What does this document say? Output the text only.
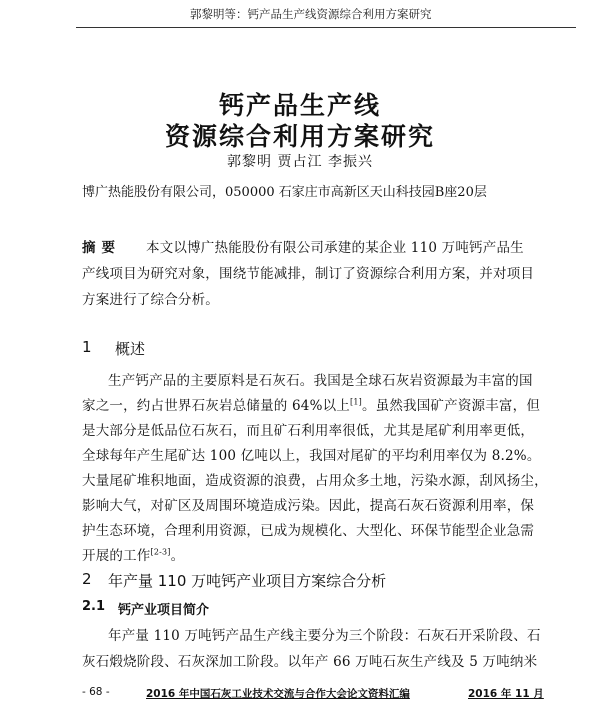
郭黎明等：钙产品生产线资源综合利用方案研究
钙产品生产线
资源综合利用方案研究
郭黎明 贾占江 李振兴
博广热能股份有限公司，050000 石家庄市高新区天山科技园B座20层
摘要 本文以博广热能股份有限公司承建的某企业 110 万吨钙产品生
产线项目为研究对象，围绕节能减排，制订了资源综合利用方案，并对项目
方案进行了综合分析。
1 概述
生产钙产品的主要原料是石灰石。我国是全球石灰岩资源最为丰富的国
家之一，约占世界石灰岩总储量的 64%以上[1]。虽然我国矿产资源丰富，但
是大部分是低品位石灰石，而且矿石利用率很低，尤其是尾矿利用率更低，
全球每年产生尾矿达 100 亿吨以上，我国对尾矿的平均利用率仅为 8.2%。
大量尾矿堆积地面，造成资源的浪费，占用众多土地，污染水源，刮风扬尘，
影响大气，对矿区及周围环境造成污染。因此，提高石灰石资源利用率，保
护生态环境，合理利用资源，已成为规模化、大型化、环保节能型企业急需
开展的工作[2-3]。
2 年产量 110 万吨钙产业项目方案综合分析
2.1 钙产业项目简介
年产量 110 万吨钙产品生产线主要分为三个阶段：石灰石开采阶段、石
灰石煅烧阶段、石灰深加工阶段。以年产 66 万吨石灰生产线及 5 万吨纳米
- 68 -	2016 年中国石灰工业技术交流与合作大会论文资料汇编	2016 年 11 月
